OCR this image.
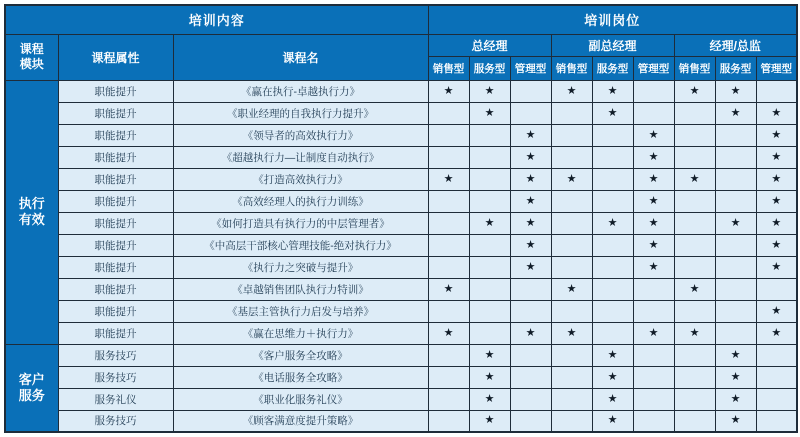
培训内容			培训岗位								
课程模块	课程属性	课程名	总经理			副总经理			经理/总监		
			销售型	服务型	管理型	销售型	服务型	管理型	销售型	服务型	管理型
执行有效	职能提升	《赢在执行-卓越执行力》	★	★		★	★		★	★	
	职能提升	《职业经理的自我执行力提升》		★			★			★	★
	职能提升	《领导者的高效执行力》			★			★			★
	职能提升	《超越执行力—让制度自动执行》			★			★			★
	职能提升	《打造高效执行力》	★		★	★		★	★		★
	职能提升	《高效经理人的执行力训练》			★			★			★
	职能提升	《如何打造具有执行力的中层管理者》		★	★		★	★		★	★
	职能提升	《中高层干部核心管理技能-绝对执行力》			★			★			★
	职能提升	《执行力之突破与提升》			★			★			★
	职能提升	《卓越销售团队执行力特训》	★			★			★		
	职能提升	《基层主管执行力启发与培养》									★
	职能提升	《赢在思维力＋执行力》	★		★	★		★	★		★
客户服务	服务技巧	《客户服务全攻略》		★			★			★	
	服务技巧	《电话服务全攻略》		★			★			★	
	服务礼仪	《职业化服务礼仪》		★			★			★	
	服务技巧	《顾客满意度提升策略》		★			★			★	
